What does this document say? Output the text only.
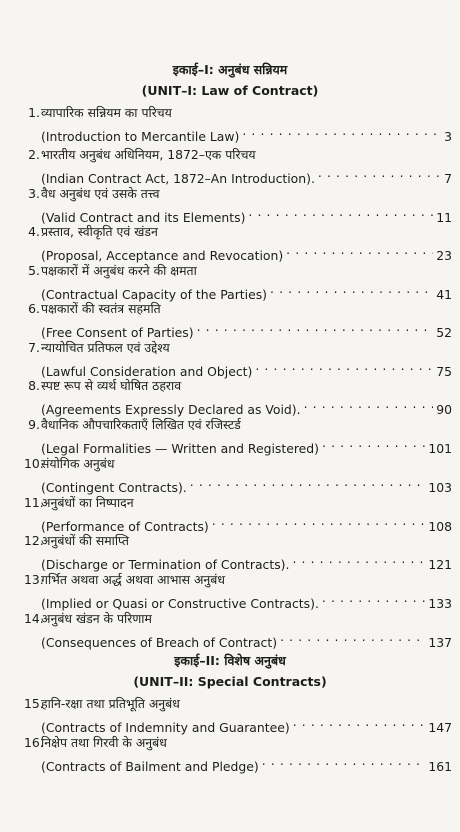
इकाई–I: अनुबंध सन्नियम
(UNIT–I: Law of Contract)
1. व्यापारिक सन्नियम का परिचय
(Introduction to Mercantile Law) . . .	3
2. भारतीय अनुबंध अधिनियम, 1872–एक परिचय
(Indian Contract Act, 1872–An Introduction). . . .	7
3. वैध अनुबंध एवं उसके तत्त्व
(Valid Contract and its Elements) . . .	11
4. प्रस्ताव, स्वीकृति एवं खंडन
(Proposal, Acceptance and Revocation) . . .	23
5. पक्षकारों में अनुबंध करने की क्षमता
(Contractual Capacity of the Parties) . . .	41
6. पक्षकारों की स्वतंत्र सहमति
(Free Consent of Parties) . . .	52
7. न्यायोचित प्रतिफल एवं उद्देश्य
(Lawful Consideration and Object) . . .	75
8. स्पष्ट रूप से व्यर्थ घोषित ठहराव
(Agreements Expressly Declared as Void). . . .	90
9. वैधानिक औपचारिकताएँ लिखित एवं रजिस्टर्ड
(Legal Formalities — Written and Registered) . . .	101
10.
संयोगिक अनुबंध
(Contingent Contracts). . . .	103
11.
अनुबंधों का निष्पादन
(Performance of Contracts) . . .	108
12.
अनुबंधों की समाप्ति
(Discharge or Termination of Contracts). . . .	121
13.
गर्भित अथवा अर्द्ध अथवा आभास अनुबंध
(Implied or Quasi or Constructive Contracts). . . .	133
14.
अनुबंध खंडन के परिणाम
(Consequences of Breach of Contract) . . .	137
इकाई–II: विशेष अनुबंध
(UNIT–II: Special Contracts)
15.
हानि-रक्षा तथा प्रतिभूति अनुबंध
(Contracts of Indemnity and Guarantee) . . .	147
16.
निक्षेप तथा गिरवी के अनुबंध
(Contracts of Bailment and Pledge) . . .	161
